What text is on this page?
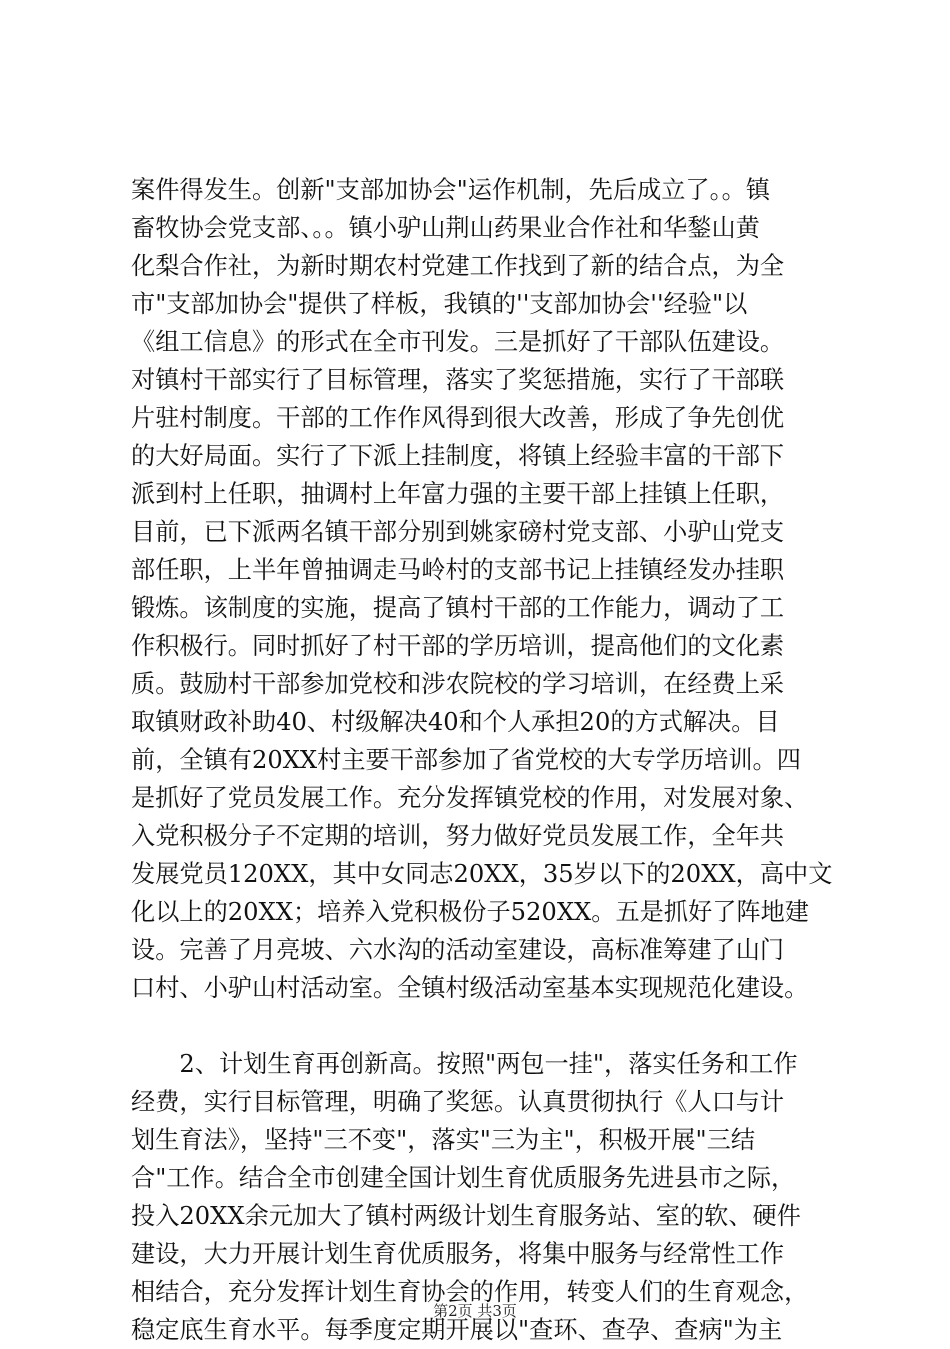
案件得发生。创新"支部加协会"运作机制，先后成立了。。镇
畜牧协会党支部、。。镇小驴山荆山药果业合作社和华鍫山黄
化梨合作社，为新时期农村党建工作找到了新的结合点，为全
市"支部加协会"提供了样板，我镇的''支部加协会''经验"以
《组工信息》的形式在全市刊发。三是抓好了干部队伍建设。
对镇村干部实行了目标管理，落实了奖惩措施，实行了干部联
片驻村制度。干部的工作作风得到很大改善，形成了争先创优
的大好局面。实行了下派上挂制度，将镇上经验丰富的干部下
派到村上任职，抽调村上年富力强的主要干部上挂镇上任职，
目前，已下派两名镇干部分别到姚家磅村党支部、小驴山党支
部任职，上半年曾抽调走马岭村的支部书记上挂镇经发办挂职
锻炼。该制度的实施，提高了镇村干部的工作能力，调动了工
作积极行。同时抓好了村干部的学历培训，提高他们的文化素
质。鼓励村干部参加党校和涉农院校的学习培训，在经费上采
取镇财政补助40、村级解决40和个人承担20的方式解决。目
前，全镇有20XX村主要干部参加了省党校的大专学历培训。四
是抓好了党员发展工作。充分发挥镇党校的作用，对发展对象、
入党积极分子不定期的培训，努力做好党员发展工作，全年共
发展党员120XX，其中女同志20XX，35岁以下的20XX，高中文
化以上的20XX；培养入党积极份子520XX。五是抓好了阵地建
设。完善了月亮坡、六水沟的活动室建设，高标准筹建了山门
口村、小驴山村活动室。全镇村级活动室基本实现规范化建设。
　　2、计划生育再创新高。按照"两包一挂"，落实任务和工作
经费，实行目标管理，明确了奖惩。认真贯彻执行《人口与计
划生育法》，坚持"三不变"，落实"三为主"，积极开展"三结
合"工作。结合全市创建全国计划生育优质服务先进县市之际，
投入20XX余元加大了镇村两级计划生育服务站、室的软、硬件
建设，大力开展计划生育优质服务，将集中服务与经常性工作
相结合，充分发挥计划生育协会的作用，转变人们的生育观念，
稳定底生育水平。每季度定期开展以"查环、查孕、查病"为主
第2页 共3页
